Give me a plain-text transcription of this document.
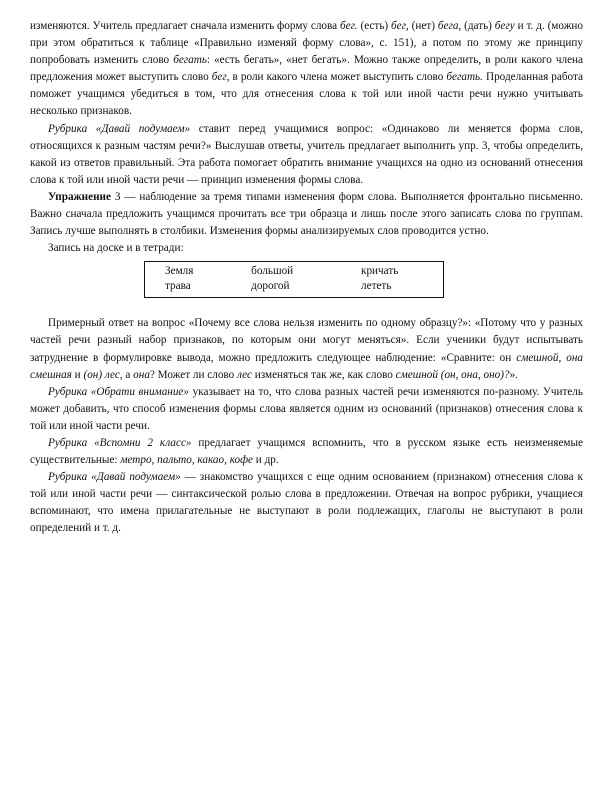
изменяются. Учитель предлагает сначала изменить форму слова бег. (есть) бег, (нет) бега, (дать) бегу и т. д. (можно при этом обратиться к таблице «Правильно изменяй форму слова», с. 151), а потом по этому же принципу попробовать изменить слово бегать: «есть бегать», «нет бегать». Можно также определить, в роли какого члена предложения может выступить слово бег, в роли какого члена может выступить слово бегать. Проделанная работа поможет учащимся убедиться в том, что для отнесения слова к той или иной части речи нужно учитывать несколько признаков.

Рубрика «Давай подумаем» ставит перед учащимися вопрос: «Одинаково ли меняется форма слов, относящихся к разным частям речи?» Выслушав ответы, учитель предлагает выполнить упр. 3, чтобы определить, какой из ответов правильный. Эта работа помогает обратить внимание учащихся на одно из оснований отнесения слова к той или иной части речи — принцип изменения формы слова.

Упражнение 3 — наблюдение за тремя типами изменения форм слова. Выполняется фронтально письменно. Важно сначала предложить учащимся прочитать все три образца и лишь после этого записать слова по группам. Запись лучше выполнять в столбики. Изменения формы анализируемых слов проводится устно.

Запись на доске и в тетради:

Земля	большой	кричать
трава	дорогой	лететь

Примерный ответ на вопрос «Почему все слова нельзя изменить по одному образцу?»: «Потому что у разных частей речи разный набор признаков, по которым они могут меняться». Если ученики будут испытывать затруднение в формулировке вывода, можно предложить следующее наблюдение: «Сравните: он смешной, она смешная и (он) лес, а она? Может ли слово лес изменяться так же, как слово смешной (он, она, оно)?».

Рубрика «Обрати внимание» указывает на то, что слова разных частей речи изменяются по-разному. Учитель может добавить, что способ изменения формы слова является одним из оснований (признаков) отнесения слова к той или иной части речи.

Рубрика «Вспомни 2 класс» предлагает учащимся вспомнить, что в русском языке есть неизменяемые существительные: метро, пальто, какао, кофе и др.

Рубрика «Давай подумаем» — знакомство учащихся с еще одним основанием (признаком) отнесения слова к той или иной части речи — синтаксической ролью слова в предложении. Отвечая на вопрос рубрики, учащиеся вспоминают, что имена прилагательные не выступают в роли подлежащих, глаголы не выступают в роли определений и т. д.
